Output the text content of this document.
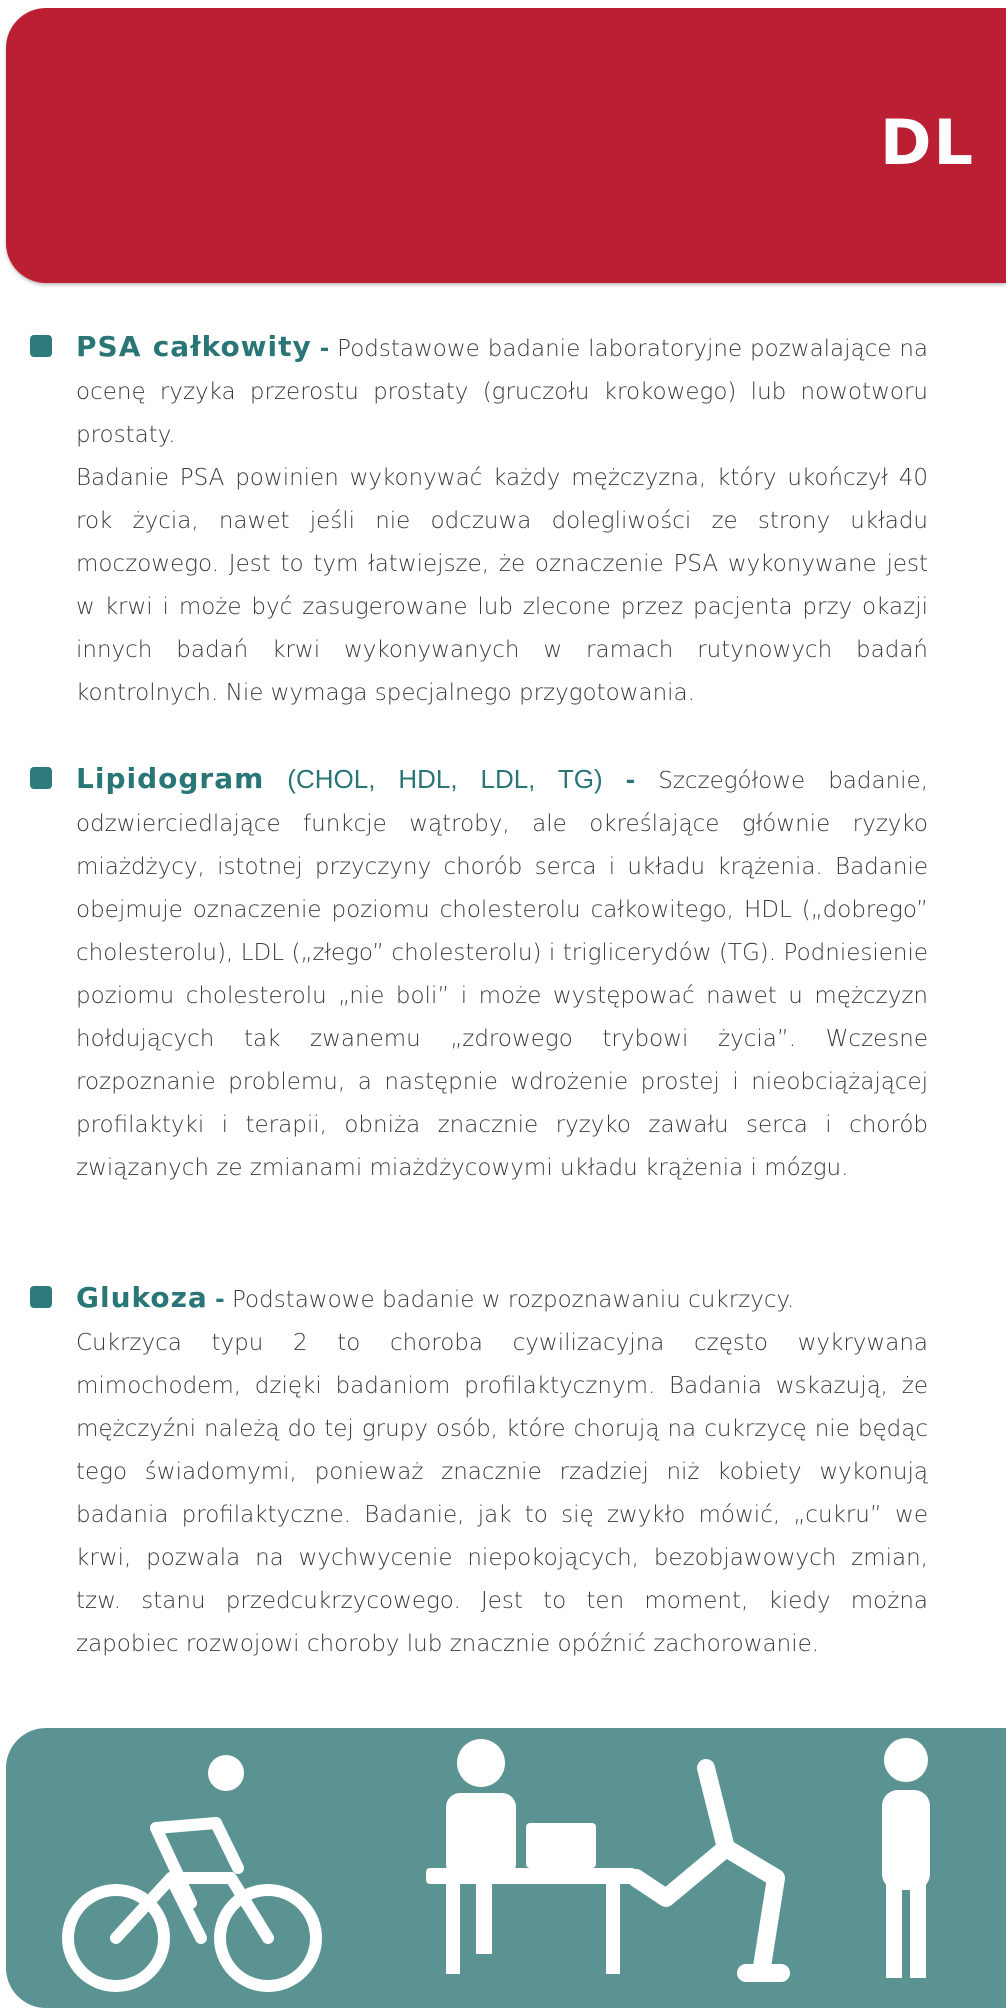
DL

PSA całkowity - Podstawowe badanie laboratoryjne pozwalające na ocenę ryzyka przerostu prostaty (gruczołu krokowego) lub nowotworu prostaty.

Badanie PSA powinien wykonywać każdy mężczyzna, który ukończył 40 rok życia, nawet jeśli nie odczuwa dolegliwości ze strony układu moczowego. Jest to tym łatwiejsze, że oznaczenie PSA wykonywane jest w krwi i może być zasugerowane lub zlecone przez pacjenta przy okazji innych badań krwi wykonywanych w ramach rutynowych badań kontrolnych. Nie wymaga specjalnego przygotowania.

Lipidogram (CHOL, HDL, LDL, TG) - Szczegółowe badanie, odzwierciedlające funkcje wątroby, ale określające głównie ryzyko miażdżycy, istotnej przyczyny chorób serca i układu krążenia. Badanie obejmuje oznaczenie poziomu cholesterolu całkowitego, HDL („dobrego” cholesterolu), LDL („złego” cholesterolu) i triglicerydów (TG). Podniesienie poziomu cholesterolu „nie boli” i może występować nawet u mężczyzn hołdujących tak zwanemu „zdrowego trybowi życia”. Wczesne rozpoznanie problemu, a następnie wdrożenie prostej i nieobciążającej profilaktyki i terapii, obniża znacznie ryzyko zawału serca i chorób związanych ze zmianami miażdżycowymi układu krążenia i mózgu.

Glukoza - Podstawowe badanie w rozpoznawaniu cukrzycy.

Cukrzyca typu 2 to choroba cywilizacyjna często wykrywana mimochodem, dzięki badaniom profilaktycznym. Badania wskazują, że mężczyźni należą do tej grupy osób, które chorują na cukrzycę nie będąc tego świadomymi, ponieważ znacznie rzadziej niż kobiety wykonują badania profilaktyczne. Badanie, jak to się zwykło mówić, „cukru” we krwi, pozwala na wychwycenie niepokojących, bezobjawowych zmian, tzw. stanu przedcukrzycowego. Jest to ten moment, kiedy można zapobiec rozwojowi choroby lub znacznie opóźnić zachorowanie.
